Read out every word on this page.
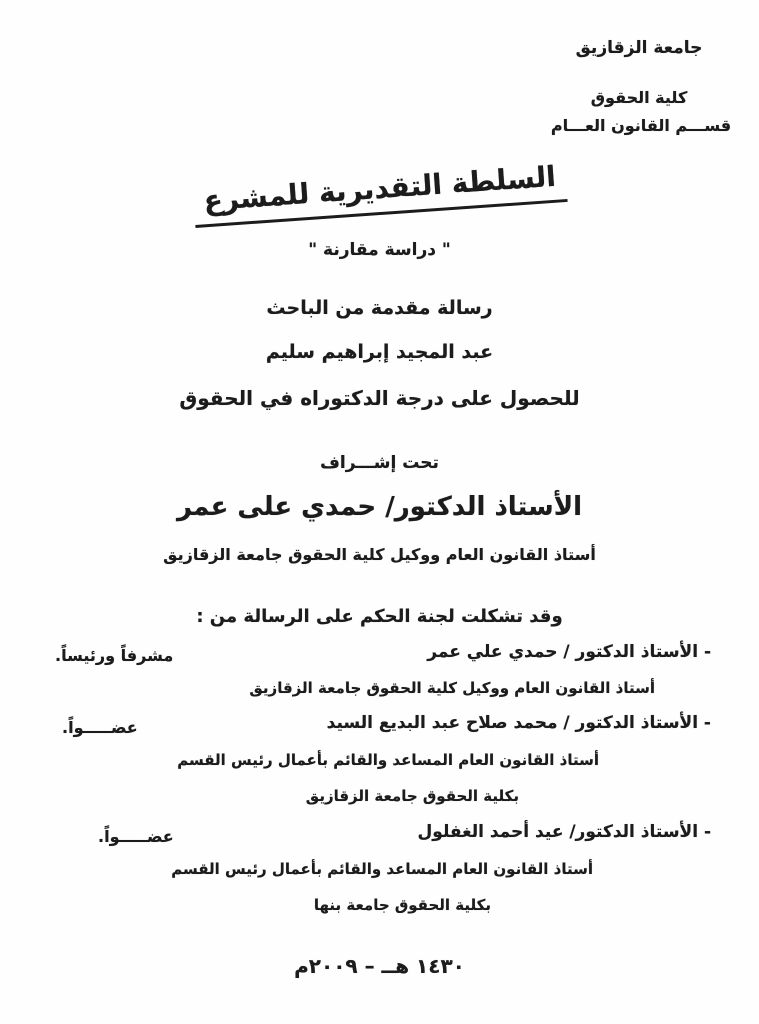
جامعة الزقازيق
كلية الحقوق
قســـم القانون العـــام
السلطة التقديرية للمشرع
" دراسة مقارنة "
رسالة مقدمة من الباحث
عبد المجيد إبراهيم سليم
للحصول على درجة الدكتوراه في الحقوق
تحت إشـــراف
الأستاذ الدكتور/ حمدي على عمر
أستاذ القانون العام ووكيل كلية الحقوق جامعة الزقازيق
وقد تشكلت لجنة الحكم على الرسالة من :
- الأستاذ الدكتور / حمدي علي عمر
مشرفاً ورئيساً.
أستاذ القانون العام ووكيل كلية الحقوق جامعة الزقازيق
- الأستاذ الدكتور / محمد صلاح عبد البديع السيد
عضـــــواً.
أستاذ القانون العام المساعد والقائم بأعمال رئيس القسم
بكلية الحقوق جامعة الزقازيق
- الأستاذ الدكتور/ عيد أحمد الغفلول
عضـــــواً.
أستاذ القانون العام المساعد والقائم بأعمال رئيس القسم
بكلية الحقوق جامعة بنها
١٤٣٠ هــ – ٢٠٠٩م
